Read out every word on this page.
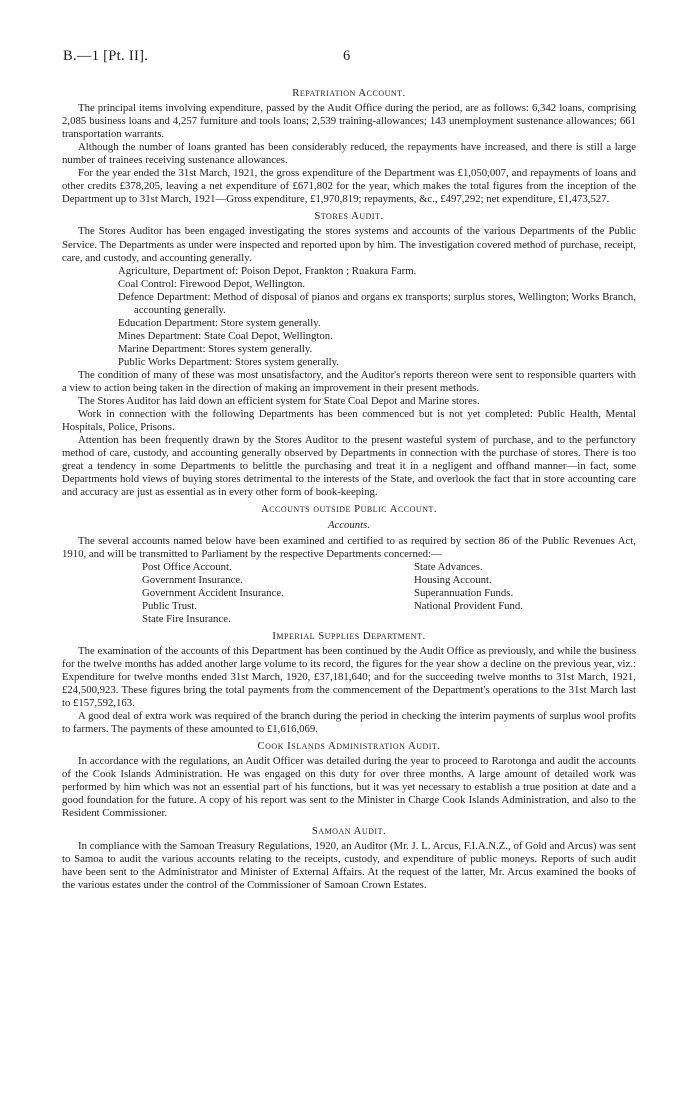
B.—1 [Pt. II].	6
Repatriation Account.

The principal items involving expenditure, passed by the Audit Office during the period, are as follows: 6,342 loans, comprising 2,085 business loans and 4,257 furniture and tools loans; 2,539 training-allowances; 143 unemployment sustenance allowances; 661 transportation warrants.

Although the number of loans granted has been considerably reduced, the repayments have increased, and there is still a large number of trainees receiving sustenance allowances.

For the year ended the 31st March, 1921, the gross expenditure of the Department was £1,050,007, and repayments of loans and other credits £378,205, leaving a net expenditure of £671,802 for the year, which makes the total figures from the inception of the Department up to 31st March, 1921—Gross expenditure, £1,970,819; repayments, &c., £497,292; net expenditure, £1,473,527.

Stores Audit.

The Stores Auditor has been engaged investigating the stores systems and accounts of the various Departments of the Public Service. The Departments as under were inspected and reported upon by him. The investigation covered method of purchase, receipt, care, and custody, and accounting generally.

Agriculture, Department of: Poison Depot, Frankton ; Ruakura Farm.
Coal Control: Firewood Depot, Wellington.
Defence Department: Method of disposal of pianos and organs ex transports; surplus stores, Wellington; Works Branch, accounting generally.
Education Department: Store system generally.
Mines Department: State Coal Depot, Wellington.
Marine Department: Stores system generally.
Public Works Department: Stores system generally.

The condition of many of these was most unsatisfactory, and the Auditor's reports thereon were sent to responsible quarters with a view to action being taken in the direction of making an improvement in their present methods.

The Stores Auditor has laid down an efficient system for State Coal Depot and Marine stores.

Work in connection with the following Departments has been commenced but is not yet completed: Public Health, Mental Hospitals, Police, Prisons.

Attention has been frequently drawn by the Stores Auditor to the present wasteful system of purchase, and to the perfunctory method of care, custody, and accounting generally observed by Departments in connection with the purchase of stores. There is too great a tendency in some Departments to belittle the purchasing and treat it in a negligent and offhand manner—in fact, some Departments hold views of buying stores detrimental to the interests of the State, and overlook the fact that in store accounting care and accuracy are just as essential as in every other form of book-keeping.

Accounts outside Public Account.
Accounts.

The several accounts named below have been examined and certified to as required by section 86 of the Public Revenues Act, 1910, and will be transmitted to Parliament by the respective Departments concerned:—

Post Office Account.	State Advances.
Government Insurance.	Housing Account.
Government Accident Insurance.	Superannuation Funds.
Public Trust.	National Provident Fund.
State Fire Insurance.
Imperial Supplies Department.

The examination of the accounts of this Department has been continued by the Audit Office as previously, and while the business for the twelve months has added another large volume to its record, the figures for the year show a decline on the previous year, viz.: Expenditure for twelve months ended 31st March, 1920, £37,181,640; and for the succeeding twelve months to 31st March, 1921, £24,500,923. These figures bring the total payments from the commencement of the Department's operations to the 31st March last to £157,592,163.

A good deal of extra work was required of the branch during the period in checking the interim payments of surplus wool profits to farmers. The payments of these amounted to £1,616,069.

Cook Islands Administration Audit.

In accordance with the regulations, an Audit Officer was detailed during the year to proceed to Rarotonga and audit the accounts of the Cook Islands Administration. He was engaged on this duty for over three months. A large amount of detailed work was performed by him which was not an essential part of his functions, but it was yet necessary to establish a true position at date and a good foundation for the future. A copy of his report was sent to the Minister in Charge Cook Islands Administration, and also to the Resident Commissioner.

Samoan Audit.

In compliance with the Samoan Treasury Regulations, 1920, an Auditor (Mr. J. L. Arcus, F.I.A.N.Z., of Gold and Arcus) was sent to Samoa to audit the various accounts relating to the receipts, custody, and expenditure of public moneys. Reports of such audit have been sent to the Administrator and Minister of External Affairs. At the request of the latter, Mr. Arcus examined the books of the various estates under the control of the Commissioner of Samoan Crown Estates.
